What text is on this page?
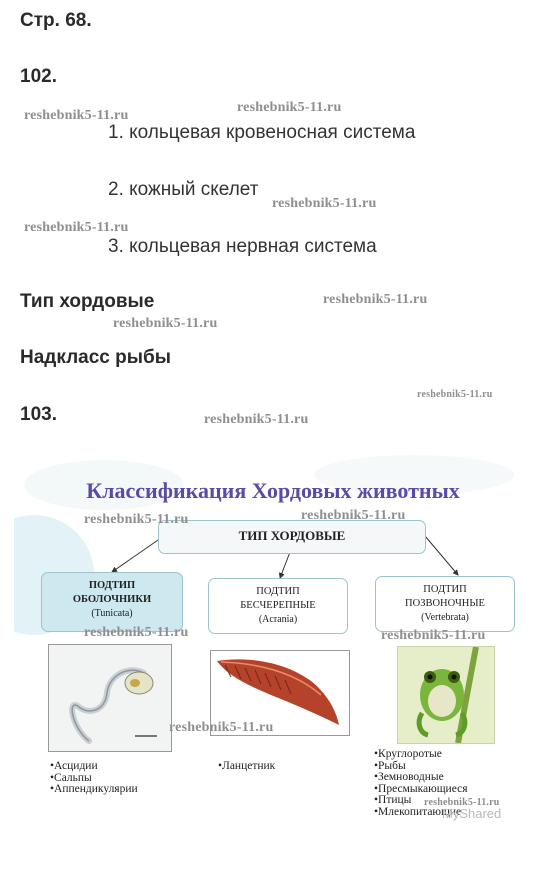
Стр. 68.
102.
1. кольцевая кровеносная система
2. кожный скелет
3. кольцевая нервная система
Тип хордовые
Надкласс рыбы
103.
Классификация Хордовых животных
ТИП ХОРДОВЫЕ
ПОДТИП
ОБОЛОЧНИКИ
(Tunicata)
ПОДТИП
БЕСЧЕРЕПНЫЕ
(Acrania)
ПОДТИП
ПОЗВОНОЧНЫЕ
(Vertebrata)
•Асцидии
•Сальпы
•Аппендикулярии
•Ланцетник
•Круглоротые
•Рыбы
•Земноводные
•Пресмыкающиеся
•Птицы
•Млекопитающие
MyShared
reshebnik5-11.ru
reshebnik5-11.ru
reshebnik5-11.ru
reshebnik5-11.ru
reshebnik5-11.ru
reshebnik5-11.ru
reshebnik5-11.ru
reshebnik5-11.ru
reshebnik5-11.ru	reshebnik5-11.ru
reshebnik5-11.ru	reshebnik5-11.ru
reshebnik5-11.ru
reshebnik5-11.ru
